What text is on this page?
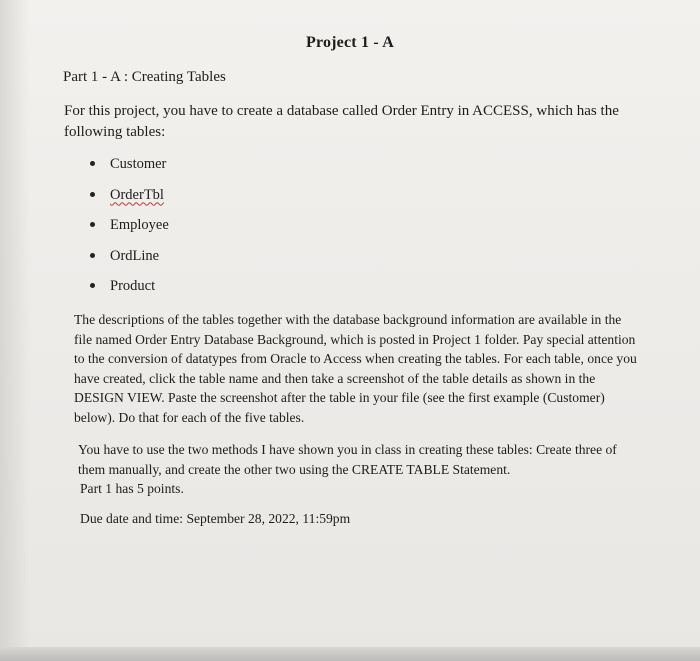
Project 1 - A
Part 1 - A : Creating Tables
For this project, you have to create a database called Order Entry in ACCESS, which has the following tables:
Customer
OrderTbl
Employee
OrdLine
Product
The descriptions of the tables together with the database background information are available in the file named Order Entry Database Background, which is posted in Project 1 folder. Pay special attention to the conversion of datatypes from Oracle to Access when creating the tables. For each table, once you have created, click the table name and then take a screenshot of the table details as shown in the DESIGN VIEW. Paste the screenshot after the table in your file (see the first example (Customer) below). Do that for each of the five tables.
You have to use the two methods I have shown you in class in creating these tables: Create three of them manually, and create the other two using the CREATE TABLE Statement.
Part 1 has 5 points.
Due date and time: September 28, 2022, 11:59pm
